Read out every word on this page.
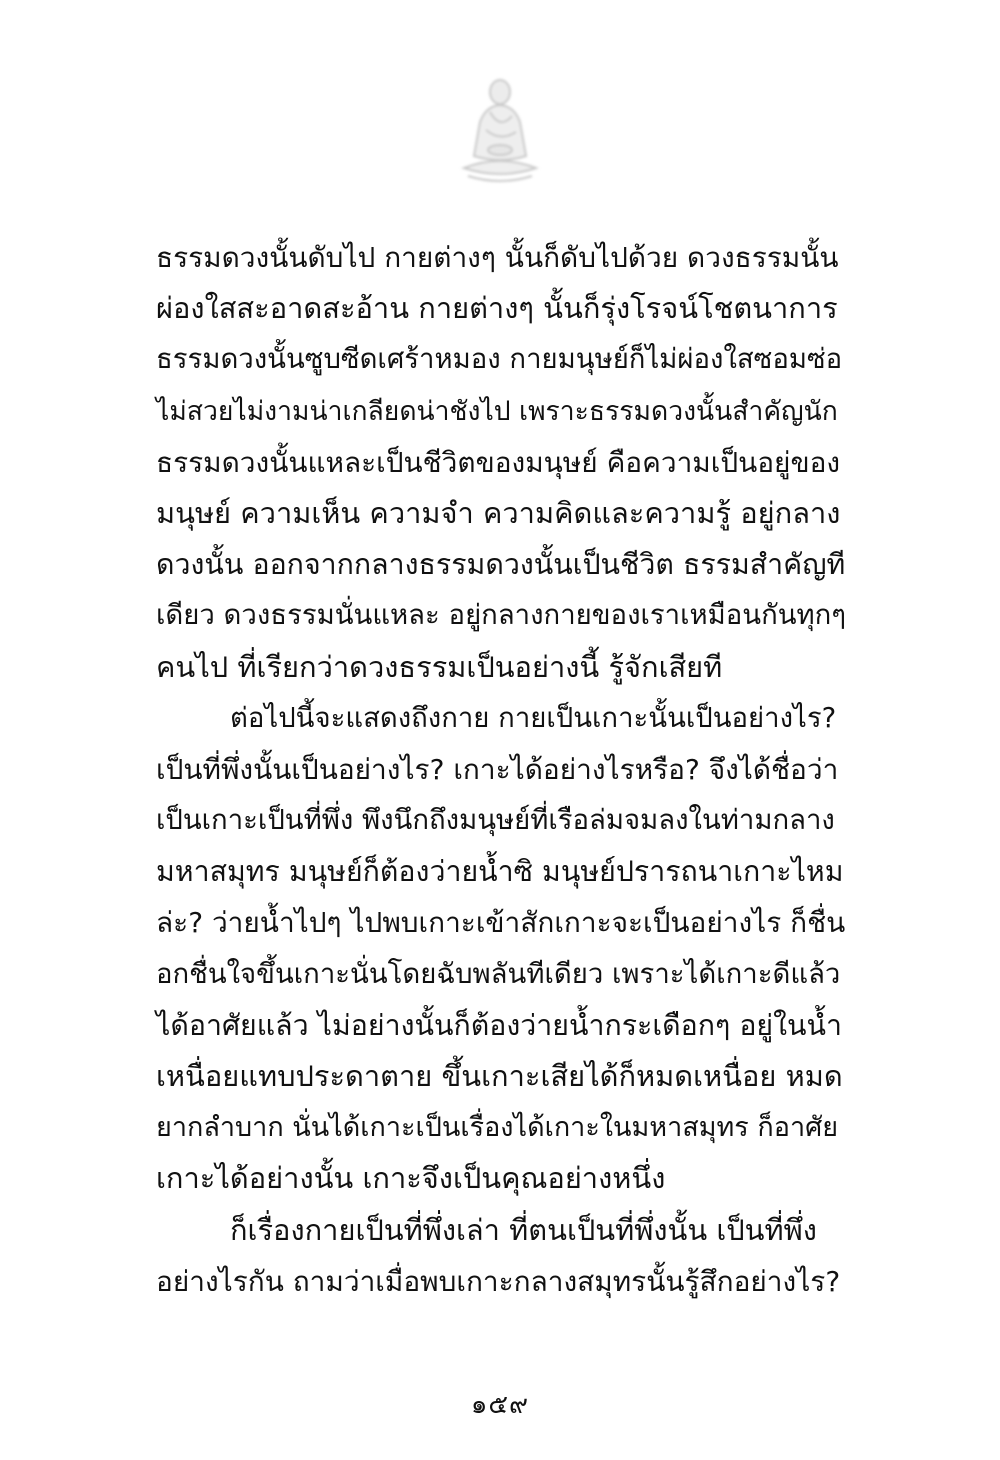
ธรรมดวงนั้นดับไป กายต่างๆ นั้นก็ดับไปด้วย ดวงธรรมนั้น
ผ่องใสสะอาดสะอ้าน กายต่างๆ นั้นก็รุ่งโรจน์โชตนาการ
ธรรมดวงนั้นซูบซีดเศร้าหมอง กายมนุษย์ก็ไม่ผ่องใสซอมซ่อ
ไม่สวยไม่งามน่าเกลียดน่าชังไป เพราะธรรมดวงนั้นสำคัญนัก
ธรรมดวงนั้นแหละเป็นชีวิตของมนุษย์ คือความเป็นอยู่ของ
มนุษย์ ความเห็น ความจำ ความคิดและความรู้ อยู่กลาง
ดวงนั้น ออกจากกลางธรรมดวงนั้นเป็นชีวิต ธรรมสำคัญที
เดียว ดวงธรรมนั่นแหละ อยู่กลางกายของเราเหมือนกันทุกๆ
คนไป ที่เรียกว่าดวงธรรมเป็นอย่างนี้ รู้จักเสียที
ต่อไปนี้จะแสดงถึงกาย กายเป็นเกาะนั้นเป็นอย่างไร?
เป็นที่พึ่งนั้นเป็นอย่างไร? เกาะได้อย่างไรหรือ? จึงได้ชื่อว่า
เป็นเกาะเป็นที่พึ่ง พึงนึกถึงมนุษย์ที่เรือล่มจมลงในท่ามกลาง
มหาสมุทร มนุษย์ก็ต้องว่ายน้ำซิ มนุษย์ปรารถนาเกาะไหม
ล่ะ? ว่ายน้ำไปๆ ไปพบเกาะเข้าสักเกาะจะเป็นอย่างไร ก็ชื่น
อกชื่นใจขึ้นเกาะนั่นโดยฉับพลันทีเดียว เพราะได้เกาะดีแล้ว
ได้อาศัยแล้ว ไม่อย่างนั้นก็ต้องว่ายน้ำกระเดือกๆ อยู่ในน้ำ
เหนื่อยแทบประดาตาย ขึ้นเกาะเสียได้ก็หมดเหนื่อย หมด
ยากลำบาก นั่นได้เกาะเป็นเรื่องได้เกาะในมหาสมุทร ก็อาศัย
เกาะได้อย่างนั้น เกาะจึงเป็นคุณอย่างหนึ่ง
ก็เรื่องกายเป็นที่พึ่งเล่า ที่ตนเป็นที่พึ่งนั้น เป็นที่พึ่ง
อย่างไรกัน ถามว่าเมื่อพบเกาะกลางสมุทรนั้นรู้สึกอย่างไร?
๑๕๙
